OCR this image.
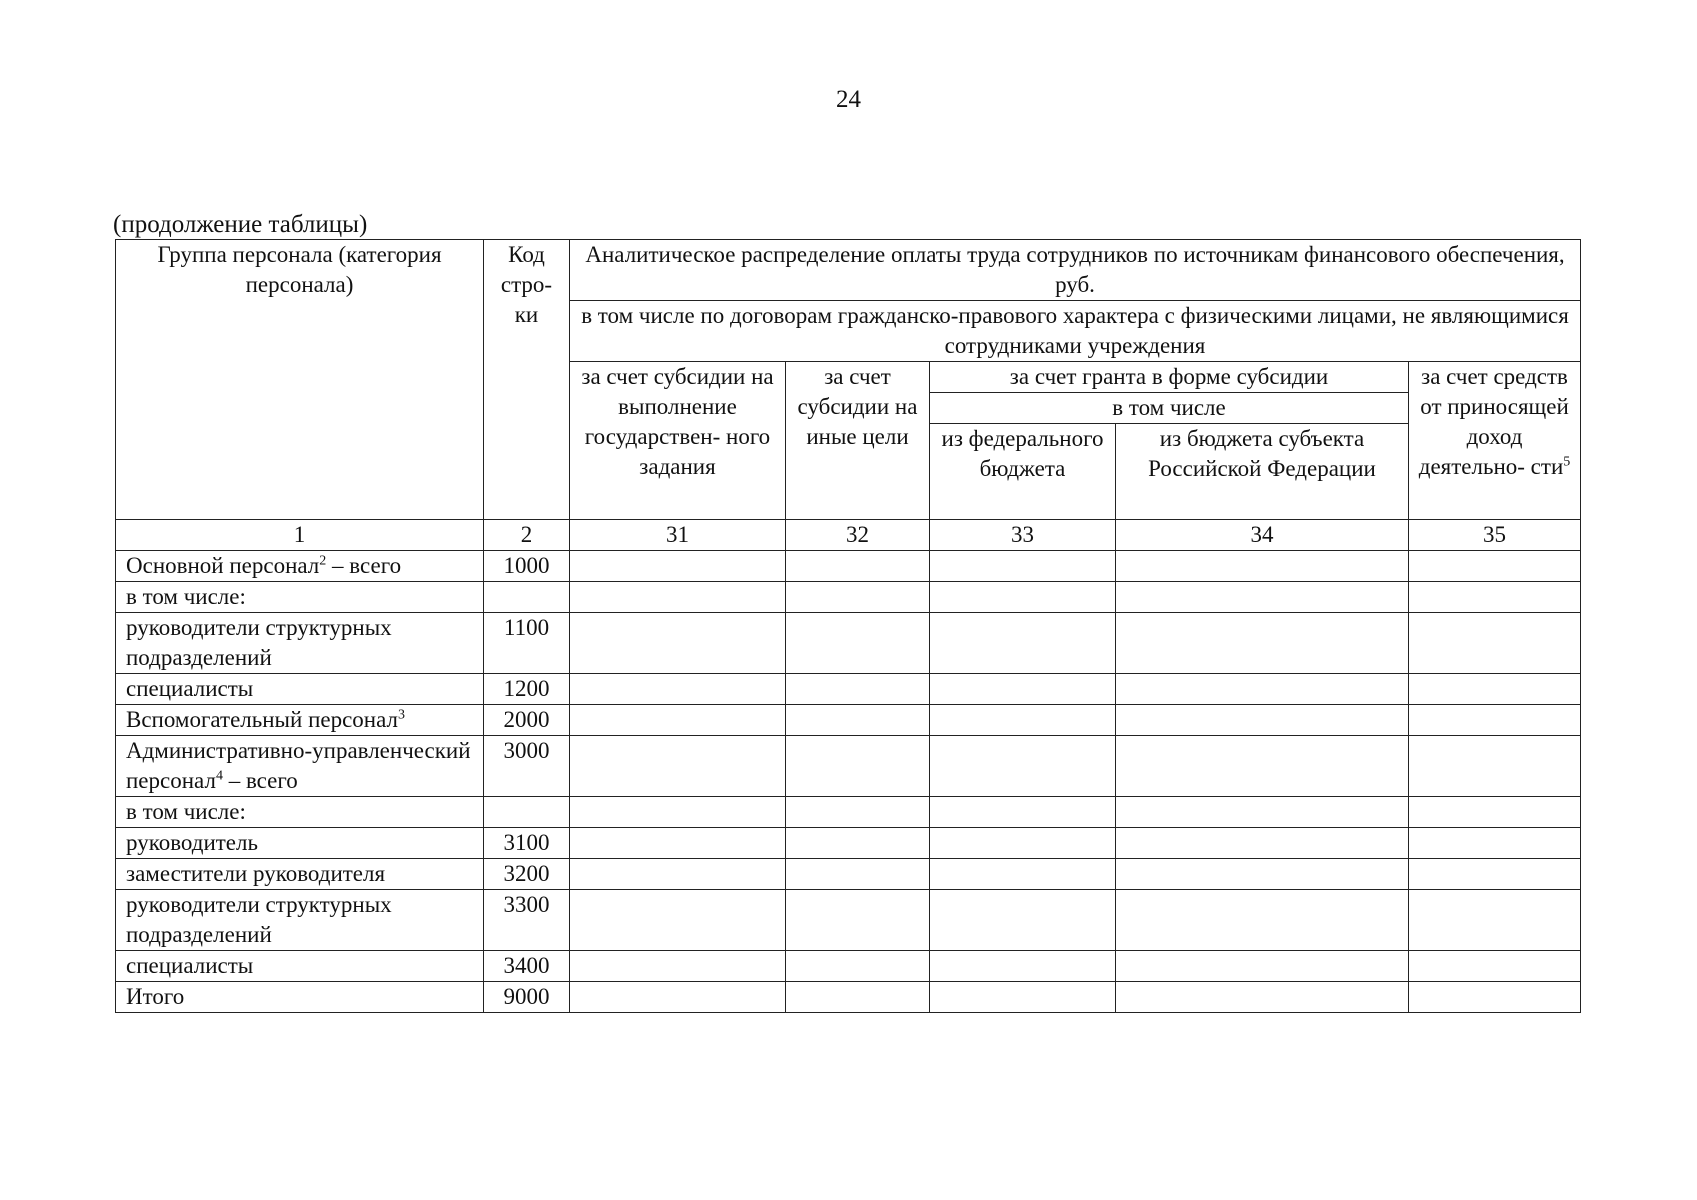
24
(продолжение таблицы)
Группа персонала (категория персонала)	Код стро- ки	Аналитическое распределение оплаты труда сотрудников по источникам финансового обеспечения, руб.				
		в том числе по договорам гражданско-правового характера с физическими лицами, не являющимися сотрудниками учреждения				
		за счет субсидии на выполнение государствен- ного задания	за счет субсидии на иные цели	за счет гранта в форме субсидии		за счет средств от приносящей доход деятельно- сти$^5$
				в том числе		
				из федерального бюджета	из бюджета субъекта Российской Федерации	
1	2	31	32	33	34	35
Основной персонал$^2$ – всего	1000					
в том числе:						
руководители структурных подразделений	1100					
специалисты	1200					
Вспомогательный персонал$^3$	2000					
Административно-управленческий персонал$^4$ – всего	3000					
в том числе:						
руководитель	3100					
заместители руководителя	3200					
руководители структурных подразделений	3300					
специалисты	3400					
Итого	9000					
